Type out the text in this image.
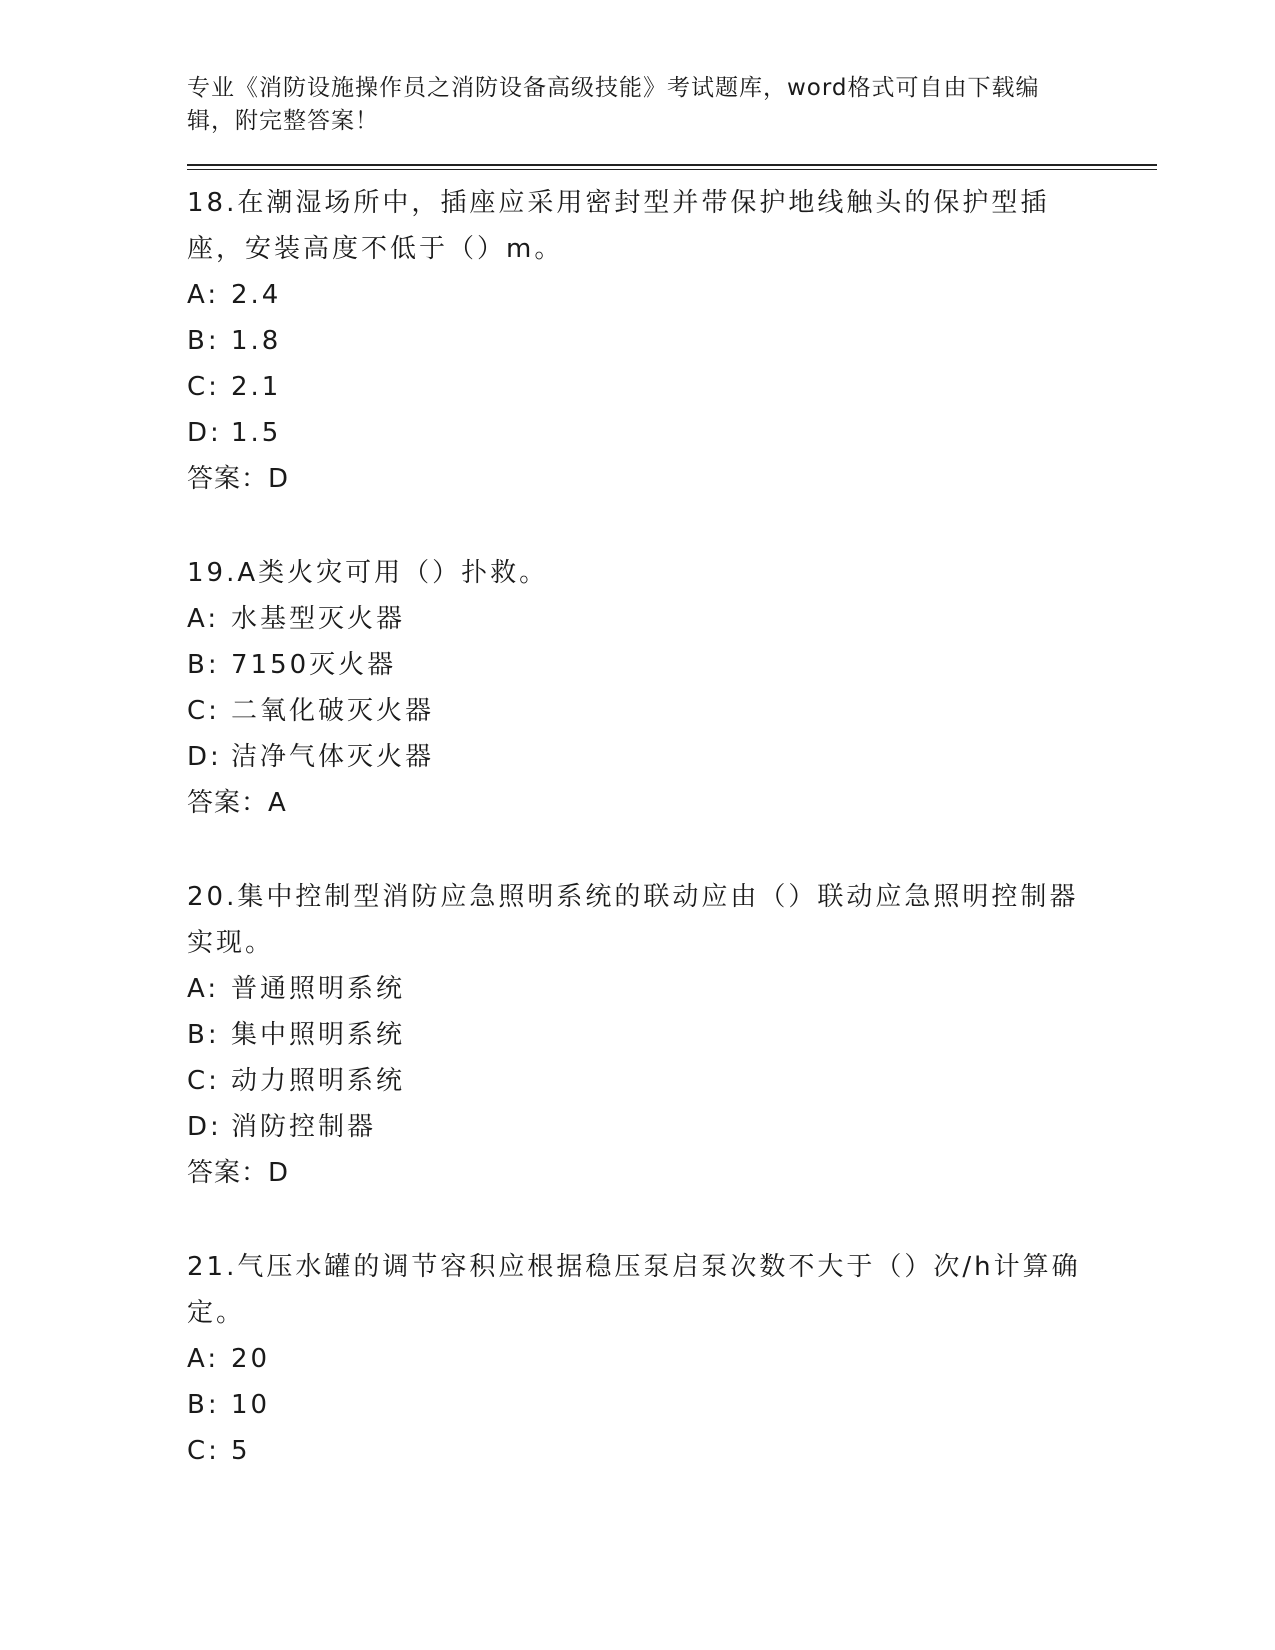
专业《消防设施操作员之消防设备高级技能》考试题库，word格式可自由下载编辑，附完整答案！

18.在潮湿场所中，插座应采用密封型并带保护地线触头的保护型插座，安装高度不低于（）m。

A: 2.4
B: 1.8
C: 2.1
D: 1.5

答案：D

19.A类火灾可用（）扑救。

A: 水基型灭火器
B: 7150灭火器
C: 二氧化破灭火器
D: 洁净气体灭火器

答案：A

20.集中控制型消防应急照明系统的联动应由（）联动应急照明控制器实现。

A: 普通照明系统
B: 集中照明系统
C: 动力照明系统
D: 消防控制器

答案：D

21.气压水罐的调节容积应根据稳压泵启泵次数不大于（）次/h计算确定。

A: 20
B: 10
C: 5
